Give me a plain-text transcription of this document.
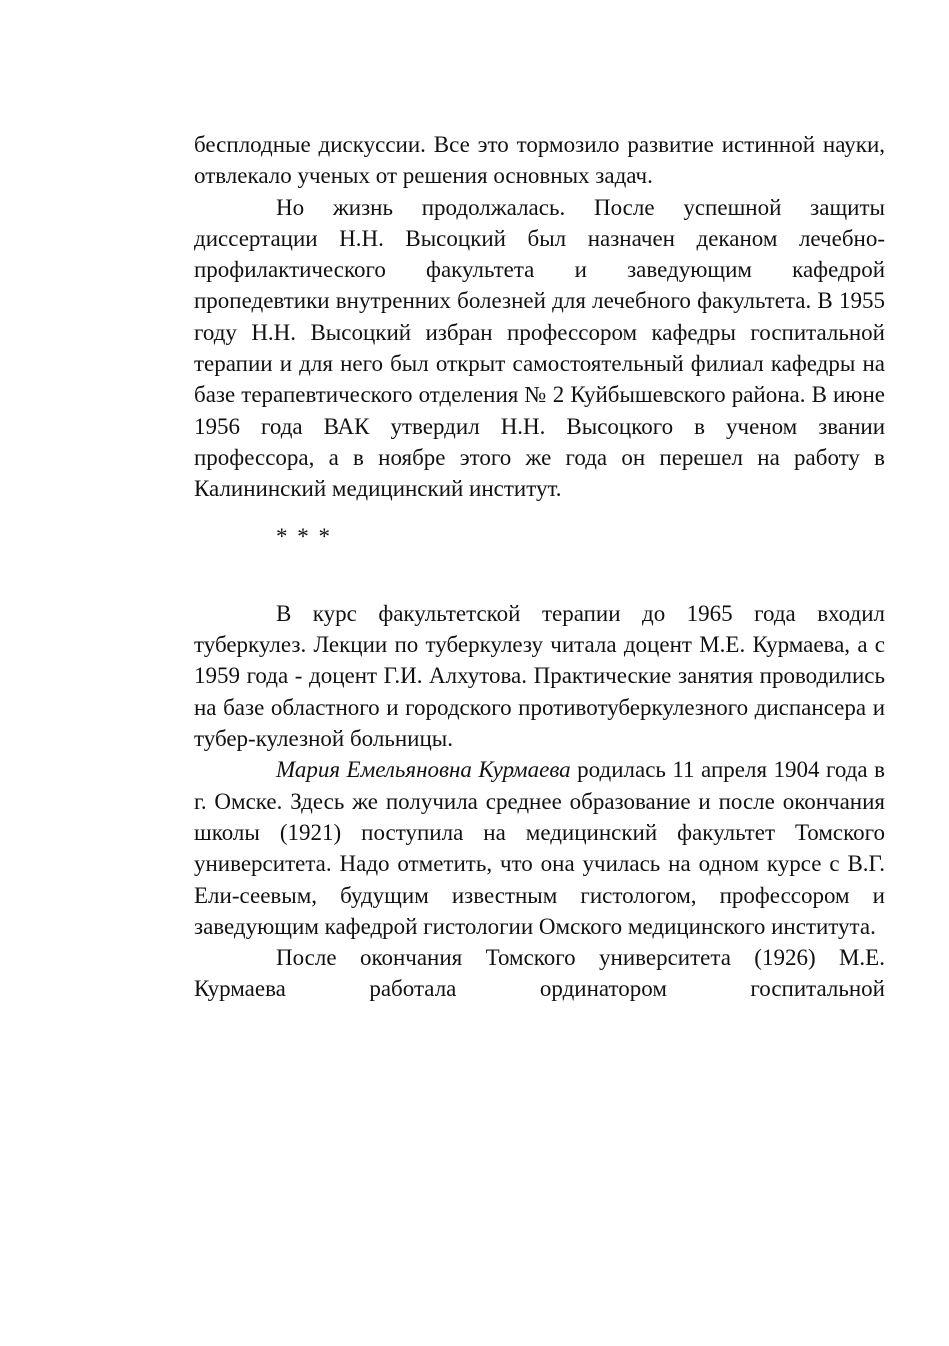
бесплодные дискуссии. Все это тормозило развитие истинной науки, отвлекало ученых от решения основных задач.

Но жизнь продолжалась. После успешной защиты диссертации Н.Н. Высоцкий был назначен деканом лечебно-профилактического факультета и заведующим кафедрой пропедевтики внутренних болезней для лечебного факультета. В 1955 году Н.Н. Высоцкий избран профессором кафедры госпитальной терапии и для него был открыт самостоятельный филиал кафедры на базе терапевтического отделения № 2 Куйбышевского района. В июне 1956 года ВАК утвердил Н.Н. Высоцкого в ученом звании профессора, а в ноябре этого же года он перешел на работу в Калининский медицинский институт.

* * *

В курс факультетской терапии до 1965 года входил туберкулез. Лекции по туберкулезу читала доцент М.Е. Курмаева, а с 1959 года - доцент Г.И. Алхутова. Практические занятия проводились на базе областного и городского противотуберкулезного диспансера и тубер-кулезной больницы.

Мария Емельяновна Курмаева родилась 11 апреля 1904 года в г. Омске. Здесь же получила среднее образование и после окончания школы (1921) поступила на медицинский факультет Томского университета. Надо отметить, что она училась на одном курсе с В.Г. Ели-сеевым, будущим известным гистологом, профессором и заведующим кафедрой гистологии Омского медицинского института.

После окончания Томского университета (1926) М.Е. Курмаева работала ординатором госпитальной
